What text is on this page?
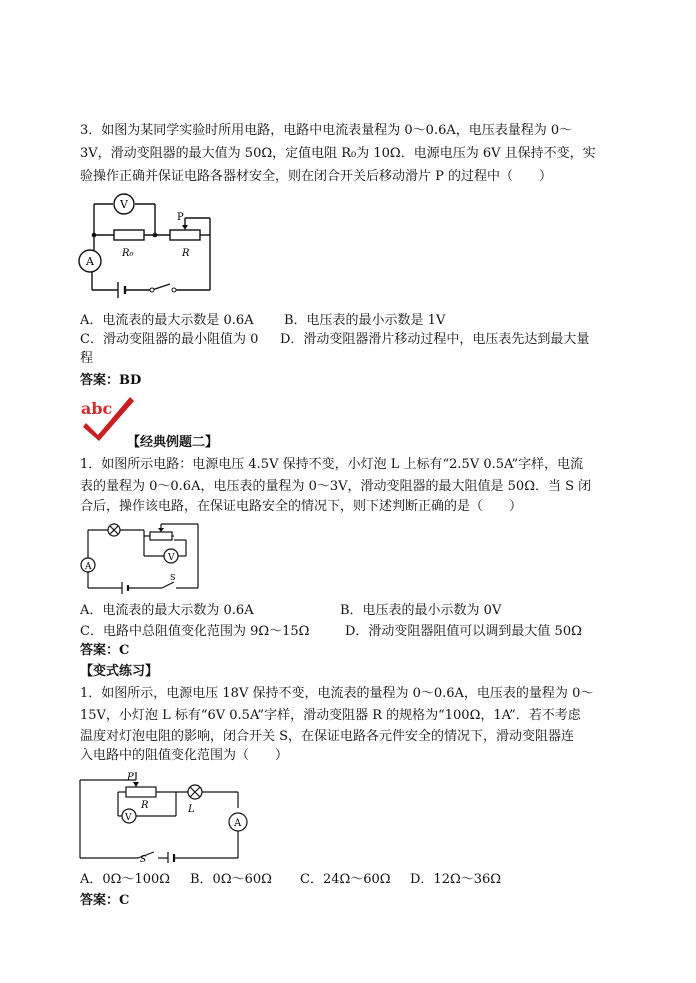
3．如图为某同学实验时所用电路，电路中电流表量程为 0～0.6A，电压表量程为 0～
3V，滑动变阻器的最大值为 50Ω，定值电阻 R₀为 10Ω．电源电压为 6V 且保持不变，实
验操作正确并保证电路各器材安全，则在闭合开关后移动滑片 P 的过程中（　　）
V
A
R₀	R
P
A．电流表的最大示数是 0.6A B．电压表的最小示数是 1V
C．滑动变阻器的最小阻值为 0 D．滑动变阻器滑片移动过程中，电压表先达到最大量
程
答案：BD
abc
【经典例题二】
1．如图所示电路：电源电压 4.5V 保持不变，小灯泡 L 上标有“2.5V 0.5A”字样，电流
表的量程为 0～0.6A，电压表的量程为 0～3V，滑动变阻器的最大阻值是 50Ω．当 S 闭
合后，操作该电路，在保证电路安全的情况下，则下述判断正确的是（　　）
A
V
S
A．电流表的最大示数为 0.6A	B．电压表的最小示数为 0V
C．电路中总阻值变化范围为 9Ω～15Ω	D．滑动变阻器阻值可以调到最大值 50Ω
答案：C
【变式练习】
1．如图所示，电源电压 18V 保持不变，电流表的量程为 0～0.6A，电压表的量程为 0～
15V，小灯泡 L 标有“6V 0.5A”字样，滑动变阻器 R 的规格为“100Ω，1A”．若不考虑
温度对灯泡电阻的影响，闭合开关 S，在保证电路各元件安全的情况下，滑动变阻器连
入电路中的阻值变化范围为（　　）
P
R	L
V	A
S
A．0Ω～100Ω B．0Ω～60Ω C．24Ω～60Ω D．12Ω～36Ω
答案：C
